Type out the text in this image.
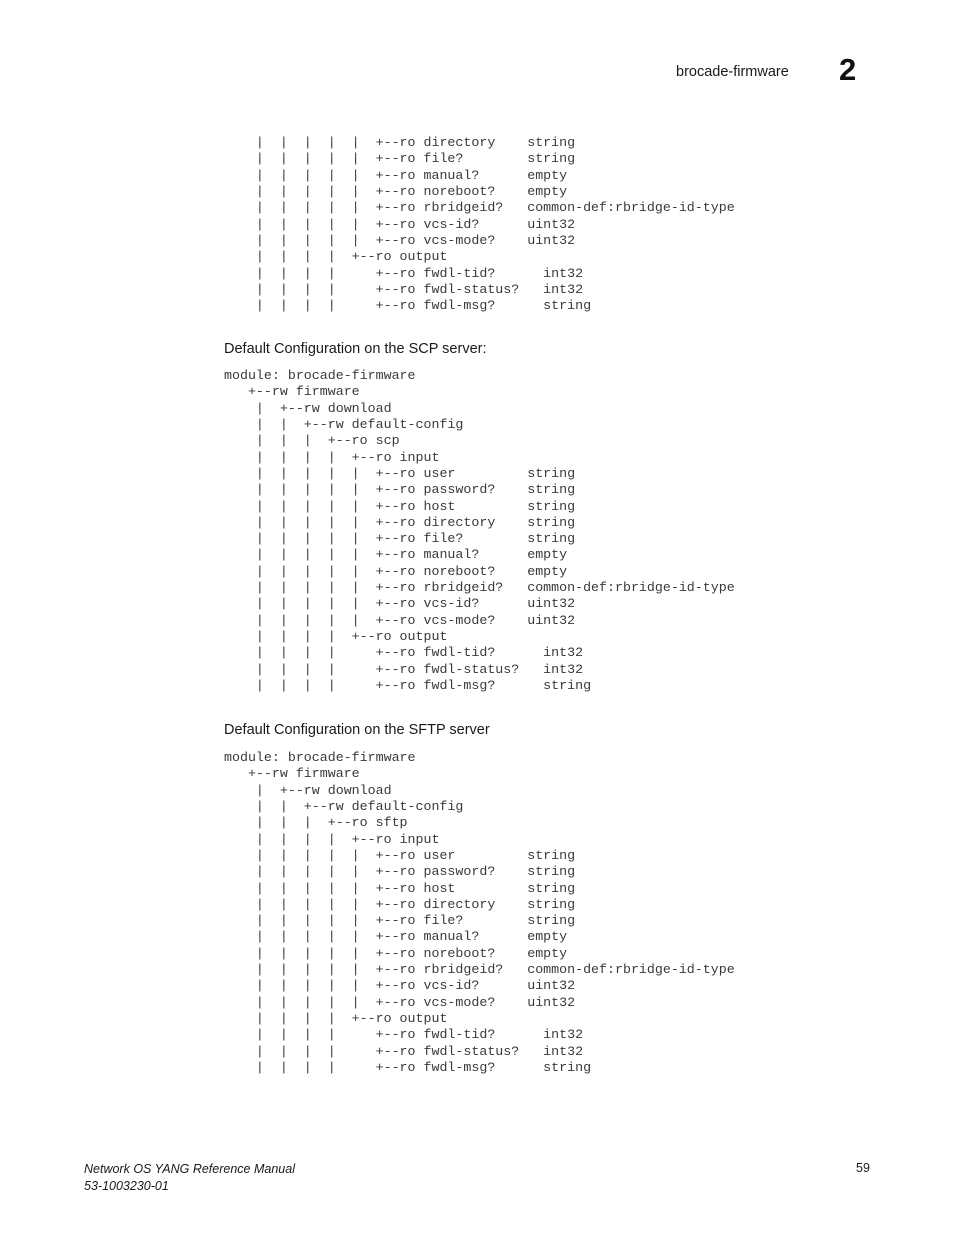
brocade-firmware 2
|  |  |  |  |  +--ro directory    string
|  |  |  |  |  +--ro file?        string
|  |  |  |  |  +--ro manual?      empty
|  |  |  |  |  +--ro noreboot?    empty
|  |  |  |  |  +--ro rbridgeid?   common-def:rbridge-id-type
|  |  |  |  |  +--ro vcs-id?      uint32
|  |  |  |  |  +--ro vcs-mode?    uint32
|  |  |  |  +--ro output
|  |  |  |     +--ro fwdl-tid?      int32
|  |  |  |     +--ro fwdl-status?   int32
|  |  |  |     +--ro fwdl-msg?      string
Default Configuration on the SCP server:
module: brocade-firmware
+--rw firmware
|  +--rw download
|  |  +--rw default-config
|  |  |  +--ro scp
|  |  |  |  +--ro input
|  |  |  |  |  +--ro user         string
|  |  |  |  |  +--ro password?    string
|  |  |  |  |  +--ro host         string
|  |  |  |  |  +--ro directory    string
|  |  |  |  |  +--ro file?        string
|  |  |  |  |  +--ro manual?      empty
|  |  |  |  |  +--ro noreboot?    empty
|  |  |  |  |  +--ro rbridgeid?   common-def:rbridge-id-type
|  |  |  |  |  +--ro vcs-id?      uint32
|  |  |  |  |  +--ro vcs-mode?    uint32
|  |  |  |  +--ro output
|  |  |  |     +--ro fwdl-tid?      int32
|  |  |  |     +--ro fwdl-status?   int32
|  |  |  |     +--ro fwdl-msg?      string
Default Configuration on the SFTP server
module: brocade-firmware
+--rw firmware
|  +--rw download
|  |  +--rw default-config
|  |  |  +--ro sftp
|  |  |  |  +--ro input
|  |  |  |  |  +--ro user         string
|  |  |  |  |  +--ro password?    string
|  |  |  |  |  +--ro host         string
|  |  |  |  |  +--ro directory    string
|  |  |  |  |  +--ro file?        string
|  |  |  |  |  +--ro manual?      empty
|  |  |  |  |  +--ro noreboot?    empty
|  |  |  |  |  +--ro rbridgeid?   common-def:rbridge-id-type
|  |  |  |  |  +--ro vcs-id?      uint32
|  |  |  |  |  +--ro vcs-mode?    uint32
|  |  |  |  +--ro output
|  |  |  |     +--ro fwdl-tid?      int32
|  |  |  |     +--ro fwdl-status?   int32
|  |  |  |     +--ro fwdl-msg?      string
Network OS YANG Reference Manual
53-1003230-01
59
